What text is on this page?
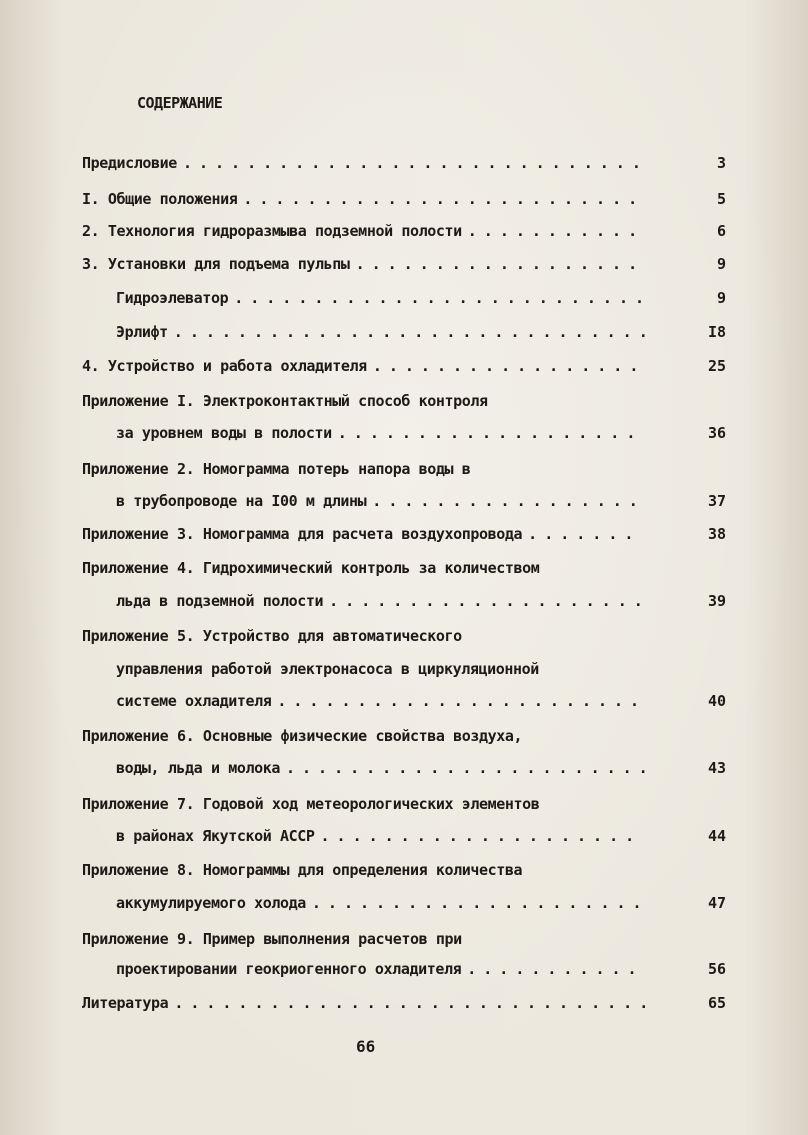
СОДЕРЖАНИЕ
Предисловие .............................	3
I. Общие положения .........................	5
2. Технология гидроразмыва подземной полости ...........	6
3. Установки для подъема пульпы ..................	9
Гидроэлеватор ..........................	9
Эрлифт ..............................	I8
4. Устройство и работа охладителя .................	25
Приложение I. Электроконтактный способ контроля
за уровнем воды в полости ...................	36
Приложение 2. Номограмма потерь напора воды в
в трубопроводе на I00 м длины .................	37
Приложение 3. Номограмма для расчета воздухопровода .......	38
Приложение 4. Гидрохимический контроль за количеством
льда в подземной полости ....................	39
Приложение 5. Устройство для автоматического
управления работой электронасоса в циркуляционной
системе охладителя .......................	40
Приложение 6. Основные физические свойства воздуха,
воды, льда и молока .......................	43
Приложение 7. Годовой ход метеорологических элементов
в районах Якутской АССР ....................	44
Приложение 8. Номограммы для определения количества
аккумулируемого холода .....................	47
Приложение 9. Пример выполнения расчетов при
проектировании геокриогенного охладителя ...........	56
Литература ..............................	65
66
